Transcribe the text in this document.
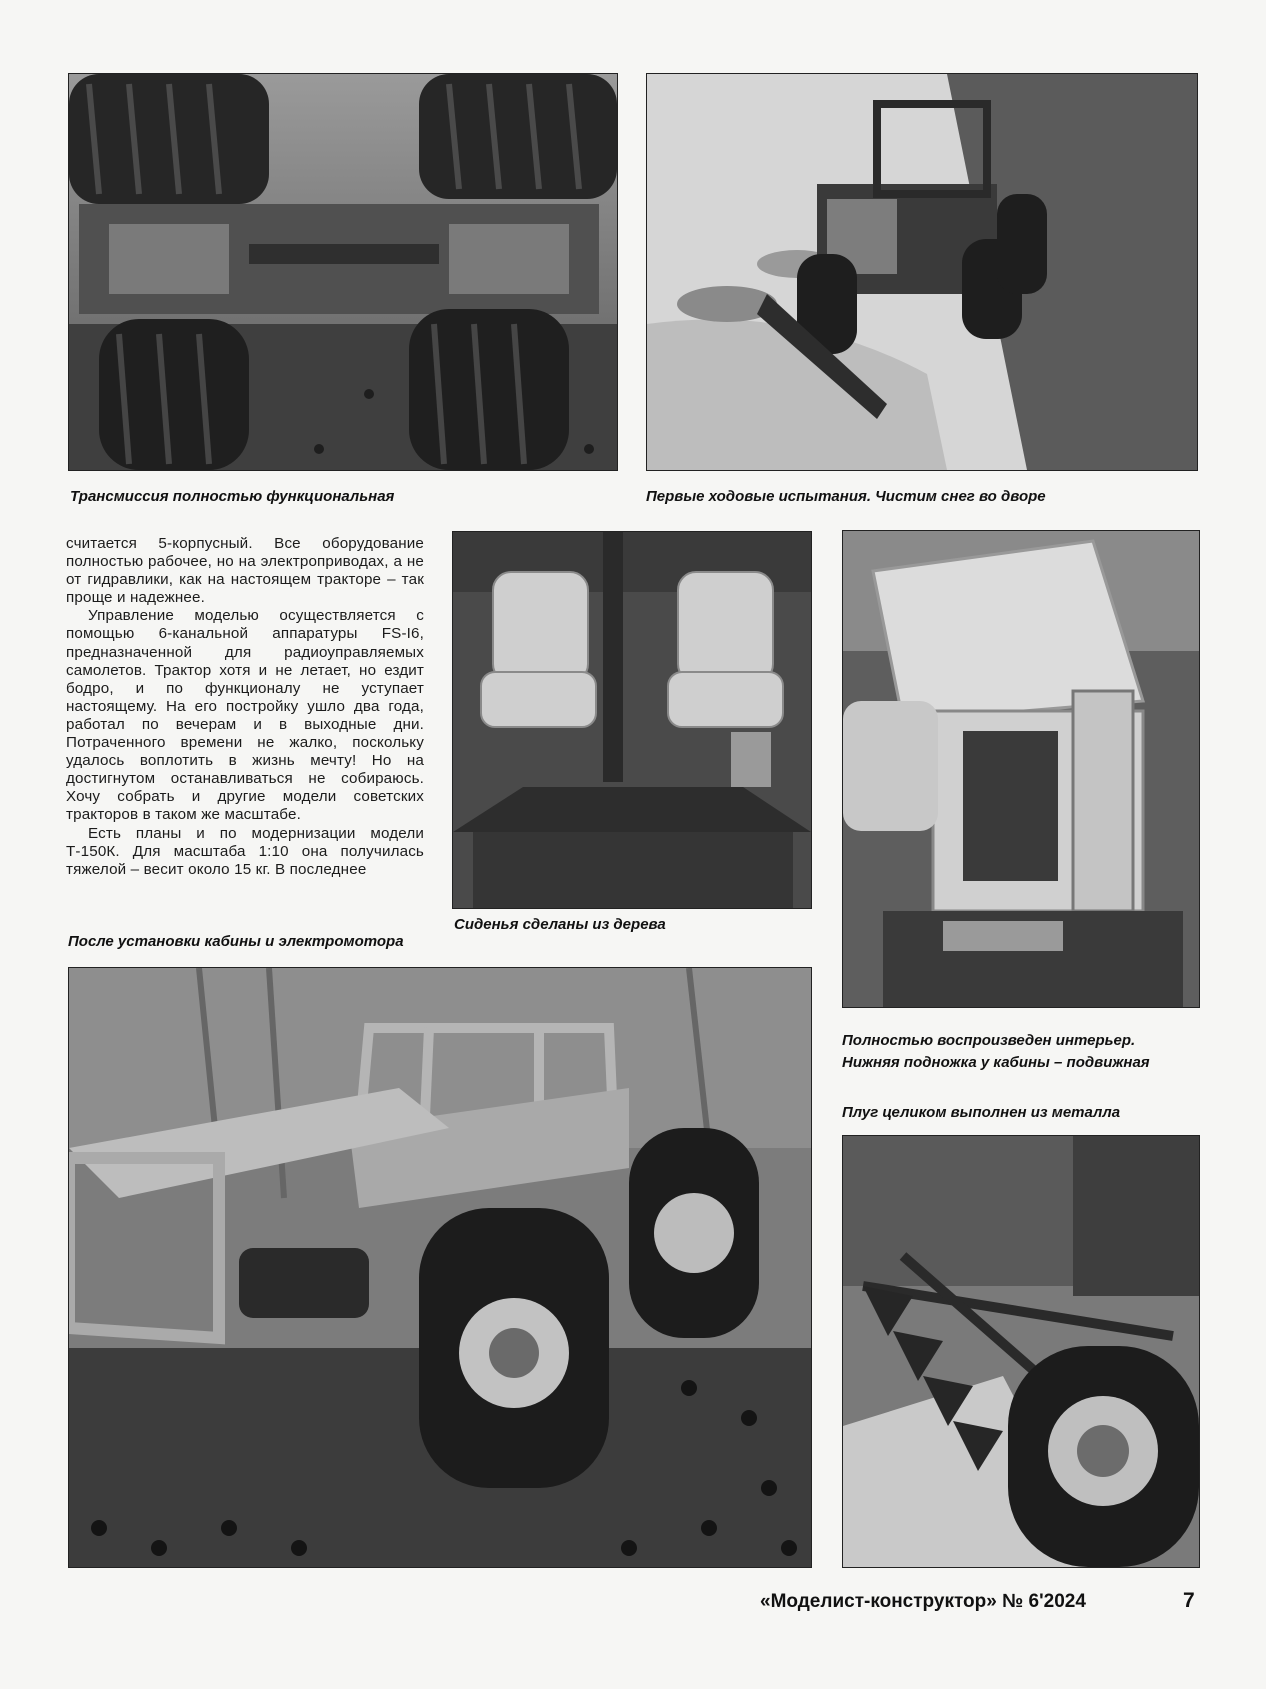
Трансмиссия полностью функциональная	Первые ходовые испытания. Чистим снег во дворе

считается 5-корпусный. Все оборудование полностью рабочее, но на электроприводах, а не от гидравлики, как на настоящем тракторе – так проще и надежнее.

Управление моделью осуществляется с помощью 6-канальной аппаратуры FS-I6, предназначенной для радиоуправляемых самолетов. Трактор хотя и не летает, но ездит бодро, и по функционалу не уступает настоящему. На его постройку ушло два года, работал по вечерам и в выходные дни. Потраченного времени не жалко, поскольку удалось воплотить в жизнь мечту! Но на достигнутом останавливаться не собираюсь. Хочу собрать и другие модели советских тракторов в таком же масштабе.

Есть планы и по модернизации модели Т-150К. Для масштаба 1:10 она получилась тяжелой – весит около 15 кг. В последнее

Сиденья сделаны из дерева
Полностью воспроизведен интерьер.
Нижняя подножка у кабины – подвижная
После установки кабины и электромотора
Плуг целиком выполнен из металла
«Моделист-конструктор» № 6'2024	7
